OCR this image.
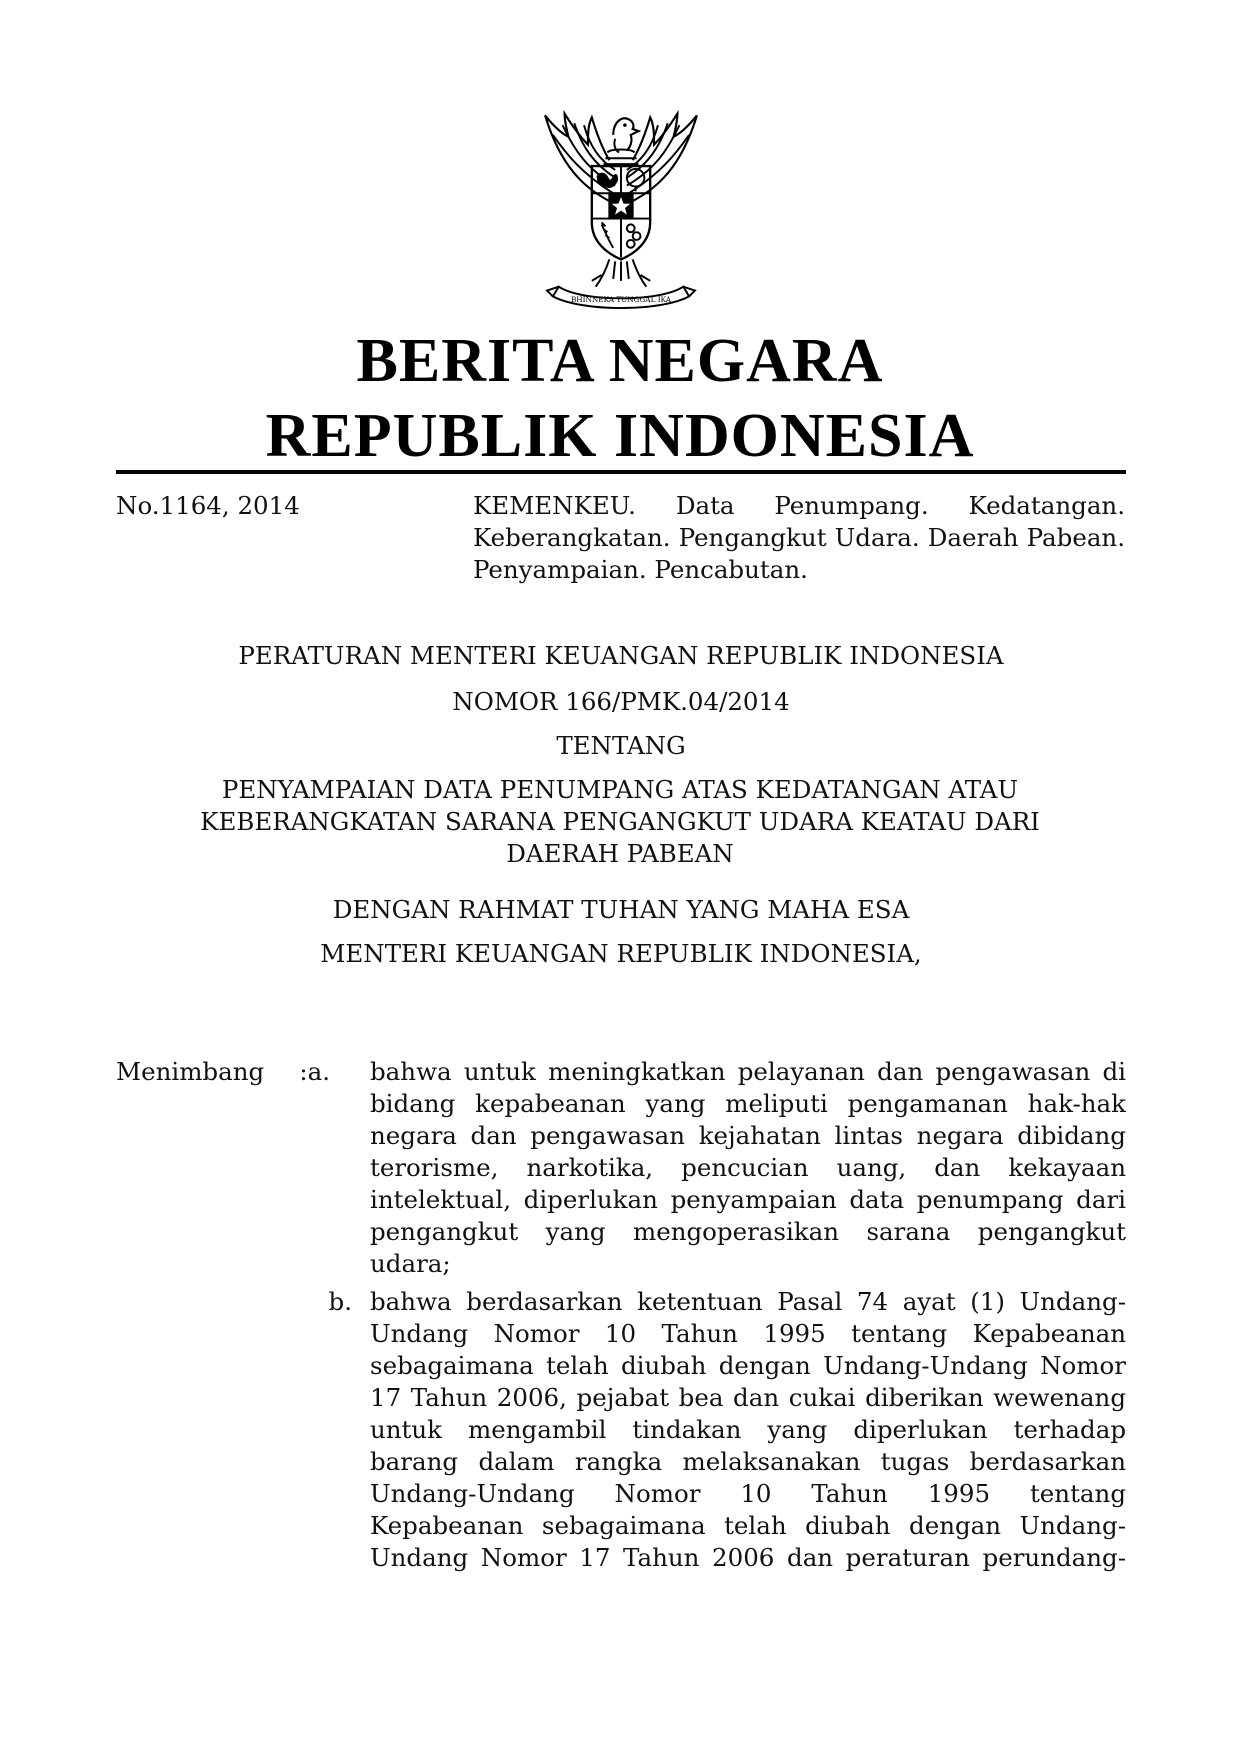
BHINNEKA TUNGGAL IKA
BERITA NEGARA
REPUBLIK INDONESIA
No.1164, 2014	KEMENKEU. Data Penumpang. Kedatangan. Keberangkatan. Pengangkut Udara. Daerah Pabean. Penyampaian. Pencabutan.
PERATURAN MENTERI KEUANGAN REPUBLIK INDONESIA
NOMOR 166/PMK.04/2014
TENTANG
PENYAMPAIAN DATA PENUMPANG ATAS KEDATANGAN ATAU KEBERANGKATAN SARANA PENGANGKUT UDARA KEATAU DARI DAERAH PABEAN
DENGAN RAHMAT TUHAN YANG MAHA ESA
MENTERI KEUANGAN REPUBLIK INDONESIA,
Menimbang	:a. bahwa untuk meningkatkan pelayanan dan pengawasan di bidang kepabeanan yang meliputi pengamanan hak-hak negara dan pengawasan kejahatan lintas negara dibidang terorisme, narkotika, pencucian uang, dan kekayaan intelektual, diperlukan penyampaian data penumpang dari pengangkut yang mengoperasikan sarana pengangkut udara;
b. bahwa berdasarkan ketentuan Pasal 74 ayat (1) Undang-Undang Nomor 10 Tahun 1995 tentang Kepabeanan sebagaimana telah diubah dengan Undang-Undang Nomor 17 Tahun 2006, pejabat bea dan cukai diberikan wewenang untuk mengambil tindakan yang diperlukan terhadap barang dalam rangka melaksanakan tugas berdasarkan Undang-Undang Nomor 10 Tahun 1995 tentang Kepabeanan sebagaimana telah diubah dengan Undang-Undang Nomor 17 Tahun 2006 dan peraturan perundang-
